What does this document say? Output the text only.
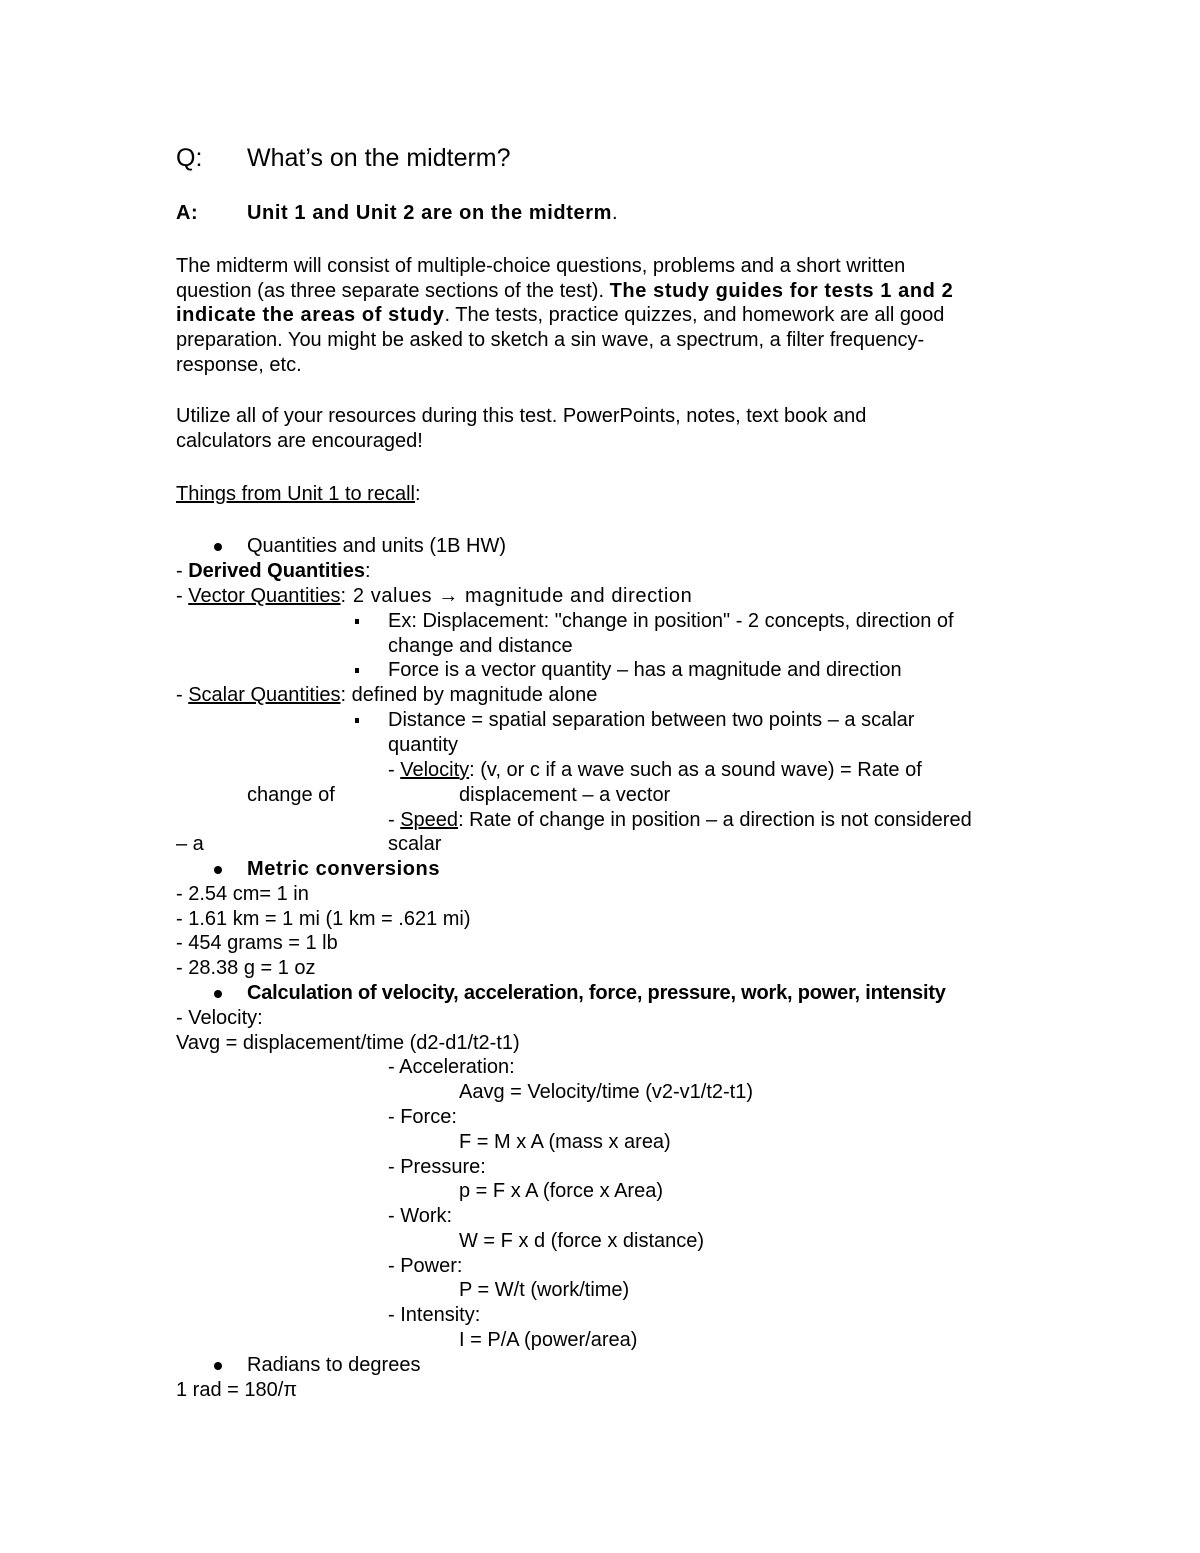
Q: What’s on the midterm?
A: Unit 1 and Unit 2 are on the midterm.
The midterm will consist of multiple-choice questions, problems and a short written
question (as three separate sections of the test). The study guides for tests 1 and 2
indicate the areas of study. The tests, practice quizzes, and homework are all good
preparation. You might be asked to sketch a sin wave, a spectrum, a filter frequency-
response, etc.
Utilize all of your resources during this test. PowerPoints, notes, text book and
calculators are encouraged!
Things from Unit 1 to recall:
Quantities and units (1B HW)
- Derived Quantities:
- Vector Quantities: 2 values → magnitude and direction
Ex: Displacement: "change in position" - 2 concepts, direction of
change and distance
Force is a vector quantity – has a magnitude and direction
- Scalar Quantities: defined by magnitude alone
Distance = spatial separation between two points – a scalar
quantity
- Velocity: (v, or c if a wave such as a sound wave) = Rate of
change of	displacement – a vector
- Speed: Rate of change in position – a direction is not considered
– a	scalar
Metric conversions
- 2.54 cm= 1 in
- 1.61 km = 1 mi (1 km = .621 mi)
- 454 grams = 1 lb
- 28.38 g = 1 oz
Calculation of velocity, acceleration, force, pressure, work, power, intensity
- Velocity:
Vavg = displacement/time (d2-d1/t2-t1)
- Acceleration:
Aavg = Velocity/time (v2-v1/t2-t1)
- Force:
F = M x A (mass x area)
- Pressure:
p = F x A (force x Area)
- Work:
W = F x d (force x distance)
- Power:
P = W/t (work/time)
- Intensity:
I = P/A (power/area)
Radians to degrees
1 rad = 180/π
